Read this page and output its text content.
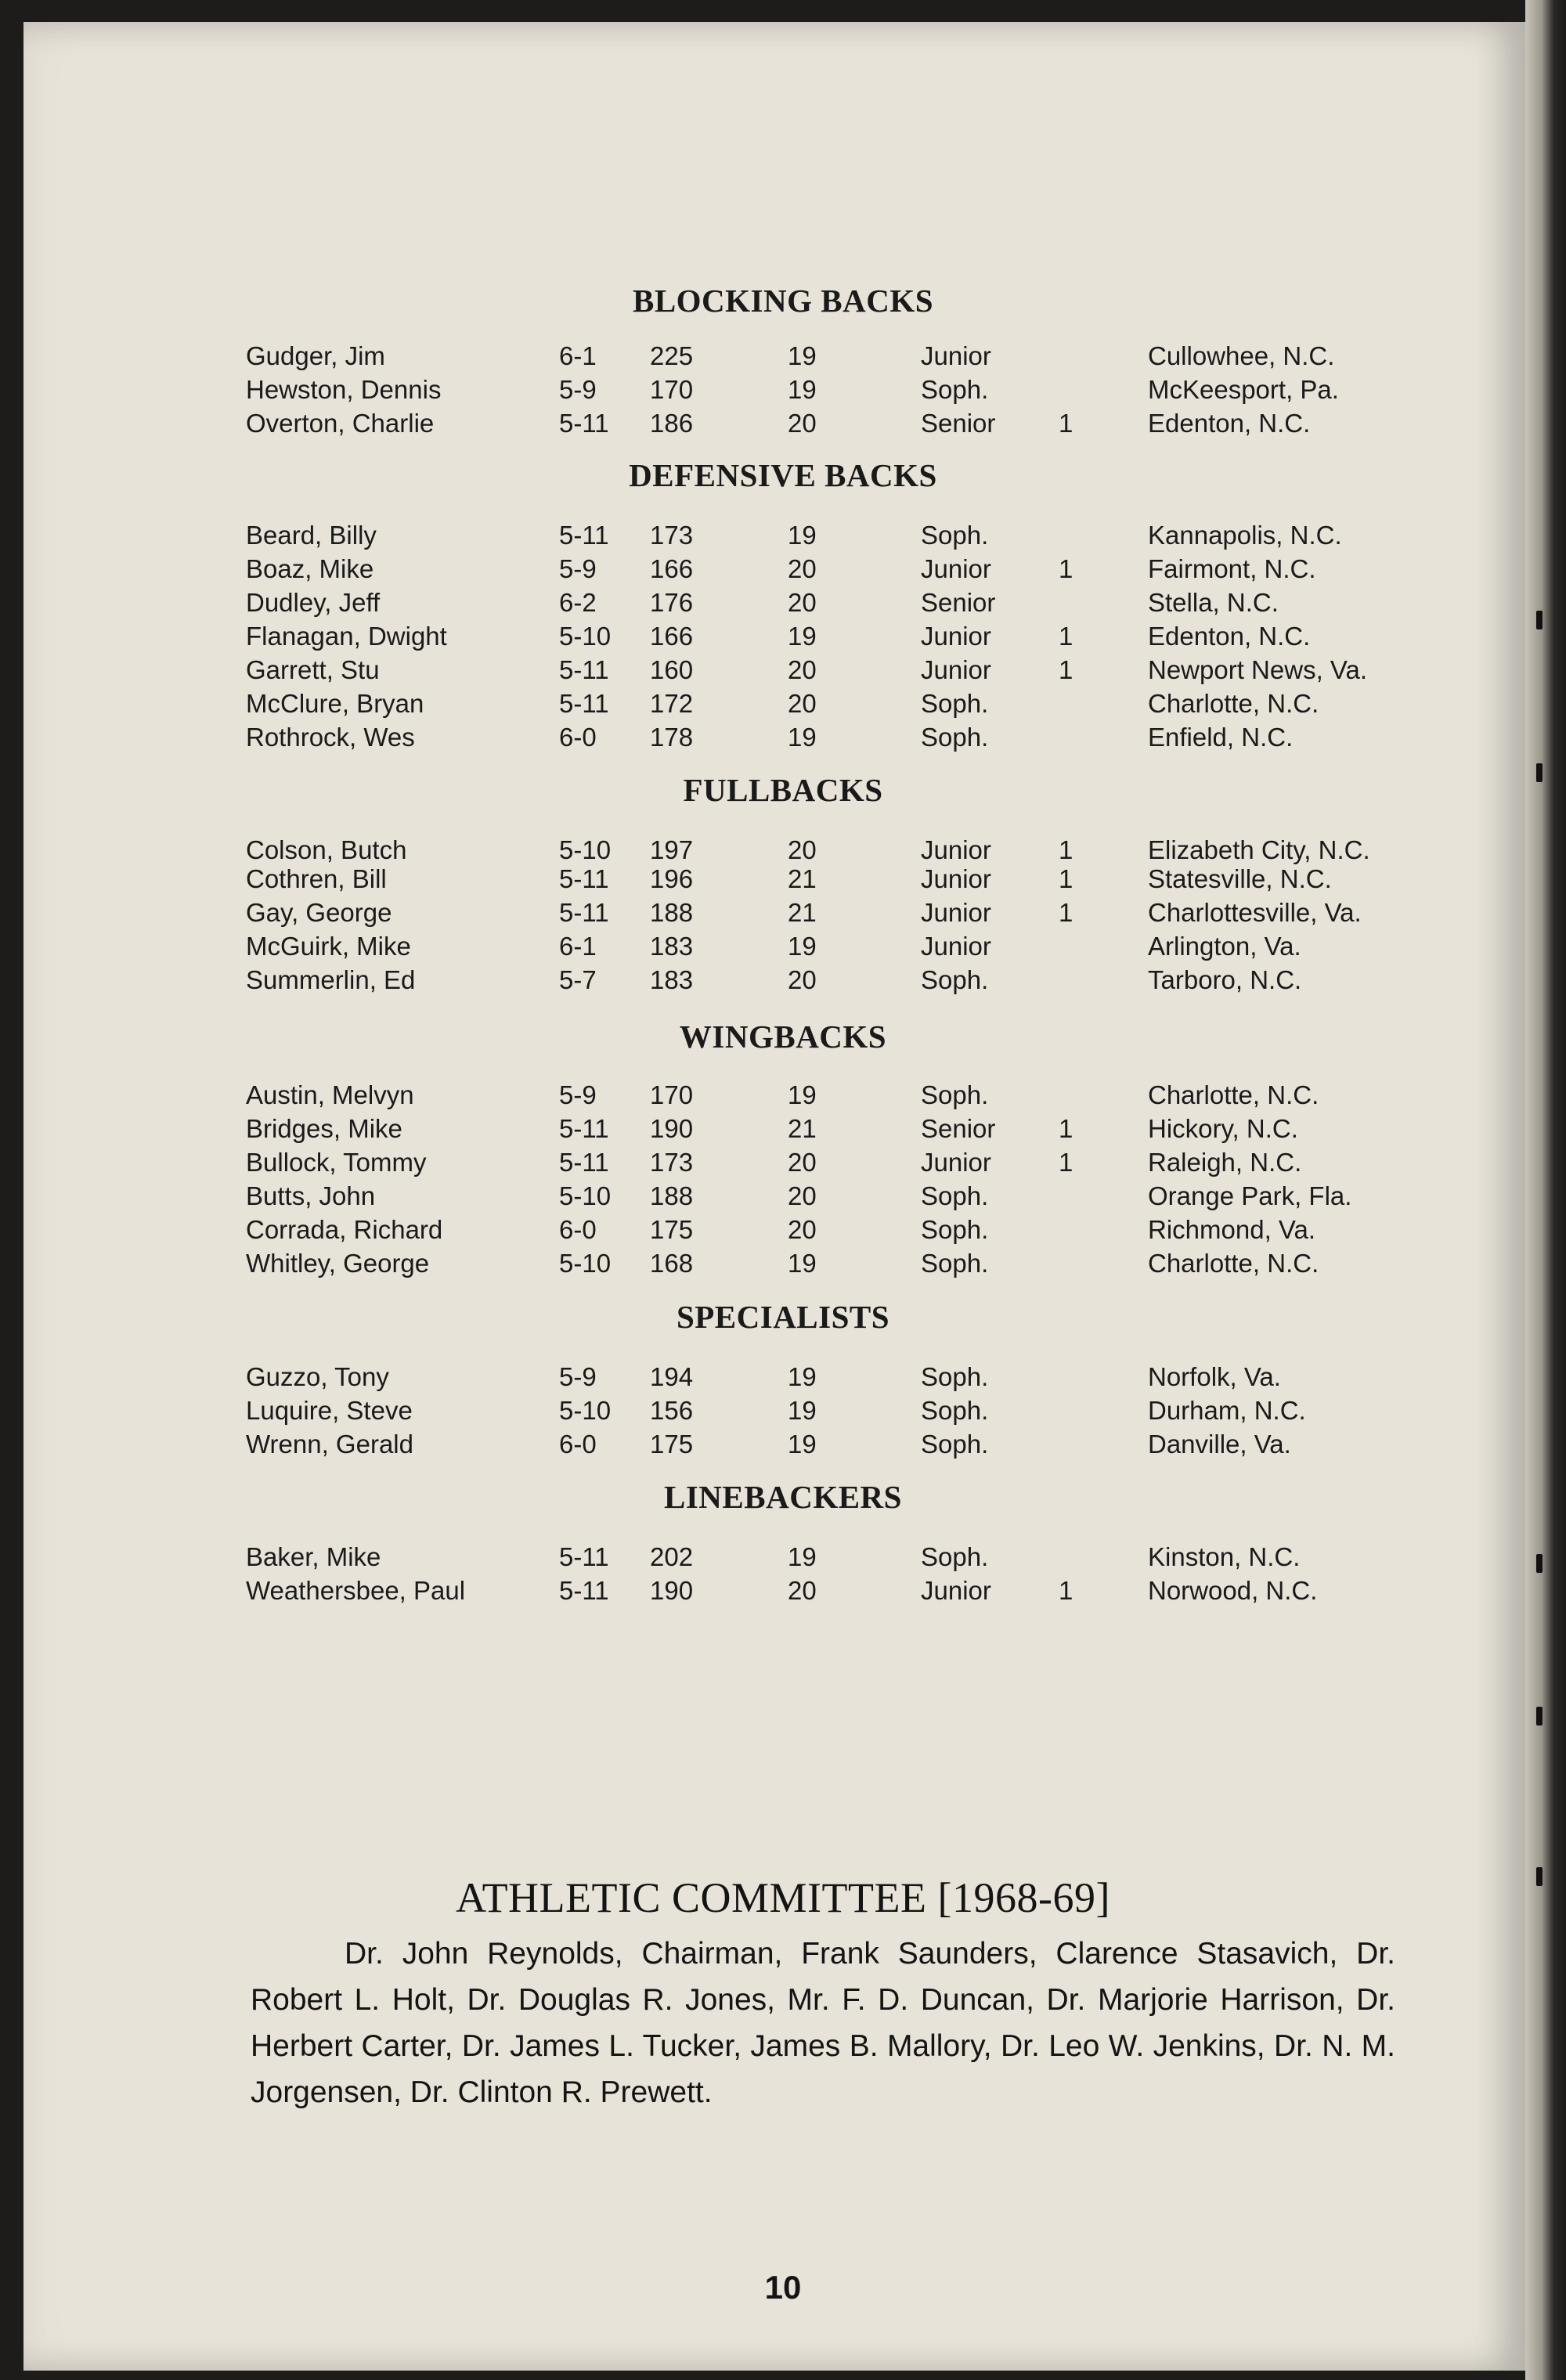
BLOCKING BACKS
Gudger, Jim	6-1 225	19	Junior	Cullowhee, N.C.
Hewston, Dennis	5-9 170	19	Soph.	McKeesport, Pa.
Overton, Charlie	5-11 186	20	Senior 1	Edenton, N.C.
DEFENSIVE BACKS
Beard, Billy	5-11 173	19	Soph.	Kannapolis, N.C.
Boaz, Mike	5-9 166	20	Junior	1	Fairmont, N.C.
Dudley, Jeff	6-2 176	20	Senior	Stella, N.C.
Flanagan, Dwight	5-10 166	19	Junior	1	Edenton, N.C.
Garrett, Stu	5-11 160	20	Junior	1	Newport News, Va.
McClure, Bryan	5-11 172	20	Soph.	Charlotte, N.C.
Rothrock, Wes	6-0 178	19	Soph.	Enfield, N.C.
FULLBACKS
Colson, Butch	5-10 197	20	Junior	1	Elizabeth City, N.C.
Cothren, Bill	5-11 196	21	Junior	1	Statesville, N.C.
Gay, George	5-11 188	21	Junior	1	Charlottesville, Va.
McGuirk, Mike	6-1 183	19	Junior	Arlington, Va.
Summerlin, Ed	5-7 183	20	Soph.	Tarboro, N.C.
WINGBACKS
Austin, Melvyn	5-9 170	19	Soph.	Charlotte, N.C.
Bridges, Mike	5-11 190	21	Senior 1	Hickory, N.C.
Bullock, Tommy	5-11 173	20	Junior	1	Raleigh, N.C.
Butts, John	5-10 188	20	Soph.	Orange Park, Fla.
Corrada, Richard	6-0 175	20	Soph.	Richmond, Va.
Whitley, George	5-10 168	19	Soph.	Charlotte, N.C.
SPECIALISTS
Guzzo, Tony	5-9 194	19	Soph.	Norfolk, Va.
Luquire, Steve	5-10 156	19	Soph.	Durham, N.C.
Wrenn, Gerald	6-0 175	19	Soph.	Danville, Va.
LINEBACKERS
Baker, Mike	5-11 202	19	Soph.	Kinston, N.C.
Weathersbee, Paul	5-11 190	20	Junior	1	Norwood, N.C.
ATHLETIC COMMITTEE [1968-69]
Dr. John Reynolds, Chairman, Frank Saunders, Clarence Stasavich, Dr. Robert L. Holt, Dr. Douglas R. Jones, Mr. F. D. Duncan, Dr. Marjorie Harrison, Dr. Herbert Carter, Dr. James L. Tucker, James B. Mallory, Dr. Leo W. Jenkins, Dr. N. M. Jorgensen, Dr. Clinton R. Prewett.
10
